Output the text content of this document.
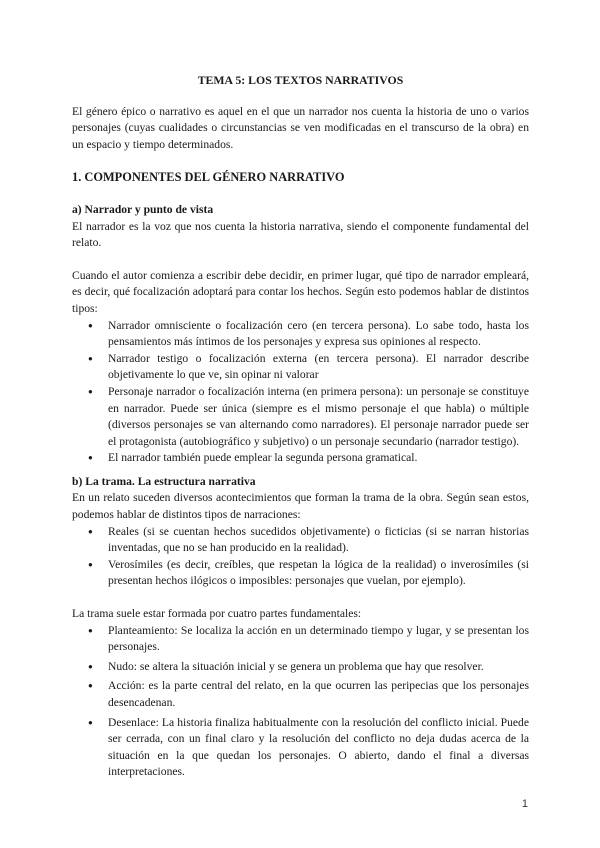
TEMA 5: LOS TEXTOS NARRATIVOS

El género épico o narrativo es aquel en el que un narrador nos cuenta la historia de uno o varios personajes (cuyas cualidades o circunstancias se ven modificadas en el transcurso de la obra) en un espacio y tiempo determinados.

1. COMPONENTES DEL GÉNERO NARRATIVO
a) Narrador y punto de vista

El narrador es la voz que nos cuenta la historia narrativa, siendo el componente fundamental del relato.

Cuando el autor comienza a escribir debe decidir, en primer lugar, qué tipo de narrador empleará, es decir, qué focalización adoptará para contar los hechos. Según esto podemos hablar de distintos tipos:

● Narrador omnisciente o focalización cero (en tercera persona). Lo sabe todo, hasta los pensamientos más íntimos de los personajes y expresa sus opiniones al respecto.
● Narrador testigo o focalización externa (en tercera persona). El narrador describe objetivamente lo que ve, sin opinar ni valorar
● Personaje narrador o focalización interna (en primera persona): un personaje se constituye en narrador. Puede ser única (siempre es el mismo personaje el que habla) o múltiple (diversos personajes se van alternando como narradores). El personaje narrador puede ser el protagonista (autobiográfico y subjetivo) o un personaje secundario (narrador testigo).
● El narrador también puede emplear la segunda persona gramatical.
b) La trama. La estructura narrativa

En un relato suceden diversos acontecimientos que forman la trama de la obra. Según sean estos, podemos hablar de distintos tipos de narraciones:

● Reales (si se cuentan hechos sucedidos objetivamente) o ficticias (si se narran historias inventadas, que no se han producido en la realidad).
● Verosímiles (es decir, creíbles, que respetan la lógica de la realidad) o inverosímiles (si presentan hechos ilógicos o imposibles: personajes que vuelan, por ejemplo).

La trama suele estar formada por cuatro partes fundamentales:

● Planteamiento: Se localiza la acción en un determinado tiempo y lugar, y se presentan los personajes.
● Nudo: se altera la situación inicial y se genera un problema que hay que resolver.
● Acción: es la parte central del relato, en la que ocurren las peripecias que los personajes desencadenan.
● Desenlace: La historia finaliza habitualmente con la resolución del conflicto inicial. Puede ser cerrada, con un final claro y la resolución del conflicto no deja dudas acerca de la situación en la que quedan los personajes. O abierto, dando el final a diversas interpretaciones.
1
